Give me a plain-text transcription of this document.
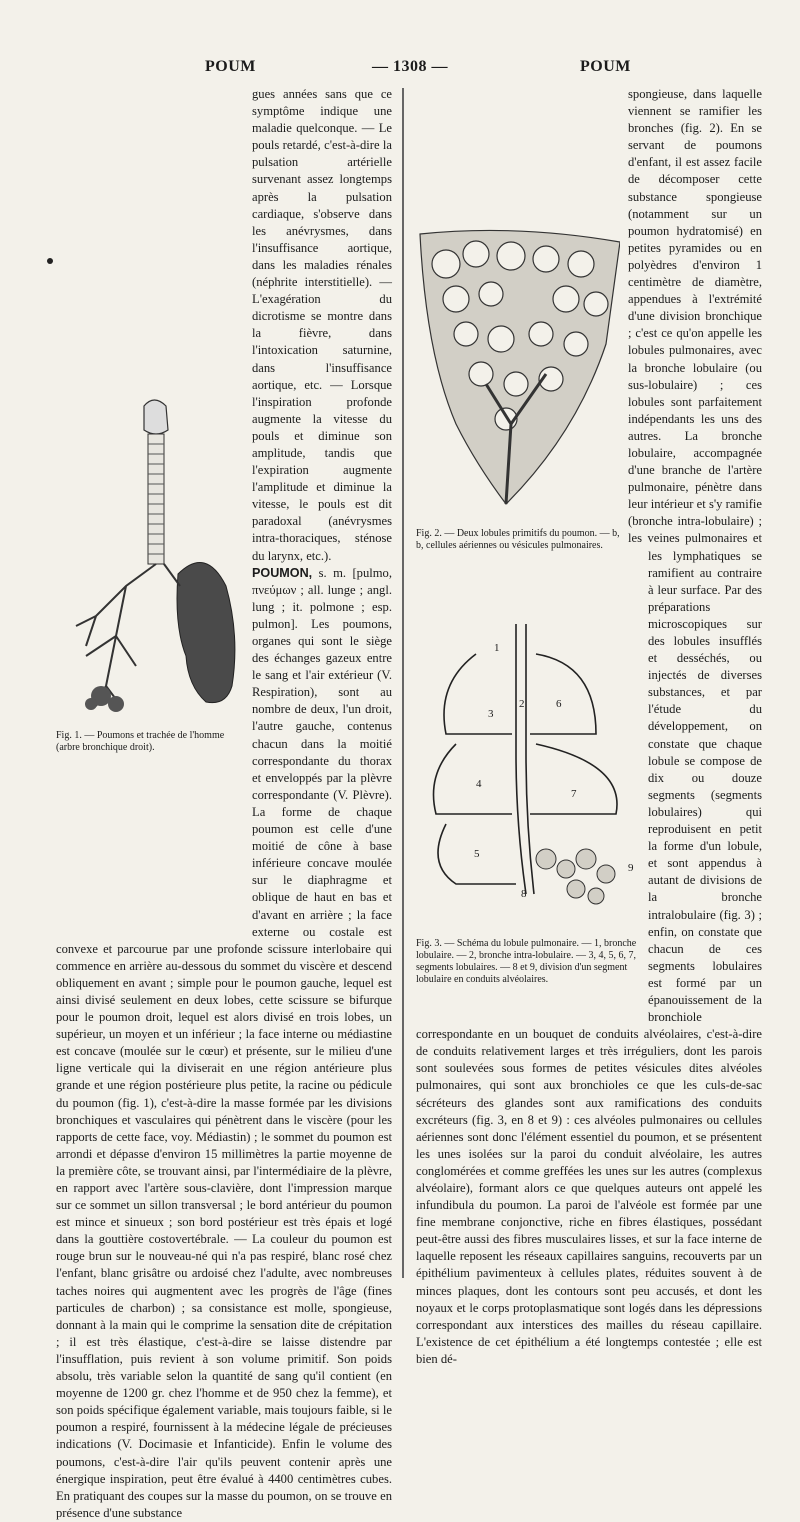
POUM	— 1308 —	POUM
Fig. 1. — Poumons et trachée de l'homme (arbre bronchique droit).

gues années sans que ce symptôme indique une maladie quelconque. — Le pouls retardé, c'est-à-dire la pulsation artérielle survenant assez longtemps après la pulsation cardiaque, s'observe dans les anévrysmes, dans l'insuffisance aortique, dans les maladies rénales (néphrite interstitielle). — L'exagération du dicrotisme se montre dans la fièvre, dans l'intoxication saturnine, dans l'insuffisance aortique, etc. — Lorsque l'inspiration profonde augmente la vitesse du pouls et diminue son amplitude, tandis que l'expiration augmente l'amplitude et diminue la vitesse, le pouls est dit paradoxal (anévrysmes intra-thoraciques, sténose du larynx, etc.).

POUMON, s. m. [pulmo, πνεύμων ; all. lunge ; angl. lung ; it. polmone ; esp. pulmon]. Les poumons, organes qui sont le siège des échanges gazeux entre le sang et l'air extérieur (V. Respiration), sont au nombre de deux, l'un droit, l'autre gauche, contenus chacun dans la moitié correspondante du thorax et enveloppés par la plèvre correspondante (V. Plèvre). La forme de chaque poumon est celle d'une moitié de cône à base inférieure concave moulée sur le diaphragme et oblique de haut en bas et d'avant en arrière ; la face externe ou costale est convexe et parcourue par une profonde scissure interlobaire qui commence en arrière au-dessous du sommet du viscère et descend obliquement en avant ; simple pour le poumon gauche, lequel est ainsi divisé seulement en deux lobes, cette scissure se bifurque pour le poumon droit, lequel est alors divisé en trois lobes, un supérieur, un moyen et un inférieur ; la face interne ou médiastine est concave (moulée sur le cœur) et présente, sur le milieu d'une ligne verticale qui la diviserait en une région antérieure plus grande et une région postérieure plus petite, la racine ou pédicule du poumon (fig. 1), c'est-à-dire la masse formée par les divisions bronchiques et vasculaires qui pénètrent dans le viscère (pour les rapports de cette face, voy. Médiastin) ; le sommet du poumon est arrondi et dépasse d'environ 15 millimètres la partie moyenne de la première côte, se trouvant ainsi, par l'intermédiaire de la plèvre, en rapport avec l'artère sous-clavière, dont l'impression marque sur ce sommet un sillon transversal ; le bord antérieur du poumon est mince et sinueux ; son bord postérieur est très épais et logé dans la gouttière costovertébrale. — La couleur du poumon est rouge brun sur le nouveau-né qui n'a pas respiré, blanc rosé chez l'enfant, blanc grisâtre ou ardoisé chez l'adulte, avec nombreuses taches noires qui augmentent avec les progrès de l'âge (fines particules de charbon) ; sa consistance est molle, spongieuse, donnant à la main qui le comprime la sensation dite de crépitation ; il est très élastique, c'est-à-dire se laisse distendre par l'insufflation, puis revient à son volume primitif. Son poids absolu, très variable selon la quantité de sang qu'il contient (en moyenne de 1200 gr. chez l'homme et de 950 chez la femme), et son poids spécifique également variable, mais toujours faible, si le poumon a respiré, fournissent à la médecine légale de précieuses indications (V. Docimasie et Infanticide). Enfin le volume des poumons, c'est-à-dire l'air qu'ils peuvent contenir après une énergique inspiration, peut être évalué à 4400 centimètres cubes. En pratiquant des coupes sur la masse du poumon, on se trouve en présence d'une substance

Fig. 2. — Deux lobules primitifs du poumon. — b, b, cellules aériennes ou vésicules pulmonaires.
Fig. 3. — Schéma du lobule pulmonaire. — 1, bronche lobulaire. — 2, bronche intra-lobulaire. — 3, 4, 5, 6, 7, segments lobulaires. — 8 et 9, division d'un segment lobulaire en conduits alvéolaires.
1
2
3
4
5
6
7
8
9

spongieuse, dans laquelle viennent se ramifier les bronches (fig. 2). En se servant de poumons d'enfant, il est assez facile de décomposer cette substance spongieuse (notamment sur un poumon hydratomisé) en petites pyramides ou en polyèdres d'environ 1 centimètre de diamètre, appendues à l'extrémité d'une division bronchique ; c'est ce qu'on appelle les lobules pulmonaires, avec la bronche lobulaire (ou sus-lobulaire) ; ces lobules sont parfaitement indépendants les uns des autres. La bronche lobulaire, accompagnée d'une branche de l'artère pulmonaire, pénètre dans leur intérieur et s'y ramifie (bronche intra-lobulaire) ; les veines pulmonaires et les lymphatiques se ramifient au contraire à leur surface. Par des préparations microscopiques sur des lobules insufflés et desséchés, ou injectés de diverses substances, et par l'étude du développement, on constate que chaque lobule se compose de dix ou douze segments (segments lobulaires) qui reproduisent en petit la forme d'un lobule, et sont appendus à autant de divisions de la bronche intralobulaire (fig. 3) ; enfin, on constate que chacun de ces segments lobulaires est formé par un épanouissement de la bronchiole correspondante en un bouquet de conduits alvéolaires, c'est-à-dire de conduits relativement larges et très irréguliers, dont les parois sont soulevées sous formes de petites vésicules dites alvéoles pulmonaires, qui sont aux bronchioles ce que les culs-de-sac sécréteurs des glandes sont aux ramifications des conduits excréteurs (fig. 3, en 8 et 9) : ces alvéoles pulmonaires ou cellules aériennes sont donc l'élément essentiel du poumon, et se présentent les unes isolées sur la paroi du conduit alvéolaire, les autres conglomérées et comme greffées les unes sur les autres (complexus alvéolaire), formant alors ce que quelques auteurs ont appelé les infundibula du poumon. La paroi de l'alvéole est formée par une fine membrane conjonctive, riche en fibres élastiques, possédant peut-être aussi des fibres musculaires lisses, et sur la face interne de laquelle reposent les réseaux capillaires sanguins, recouverts par un épithélium pavimenteux à cellules plates, réduites souvent à de minces plaques, dont les contours sont peu accusés, et dont les noyaux et le corps protoplasmatique sont logés dans les dépressions correspondant aux interstices des mailles du réseau capillaire. L'existence de cet épithélium a été longtemps contestée ; elle est bien dé-
